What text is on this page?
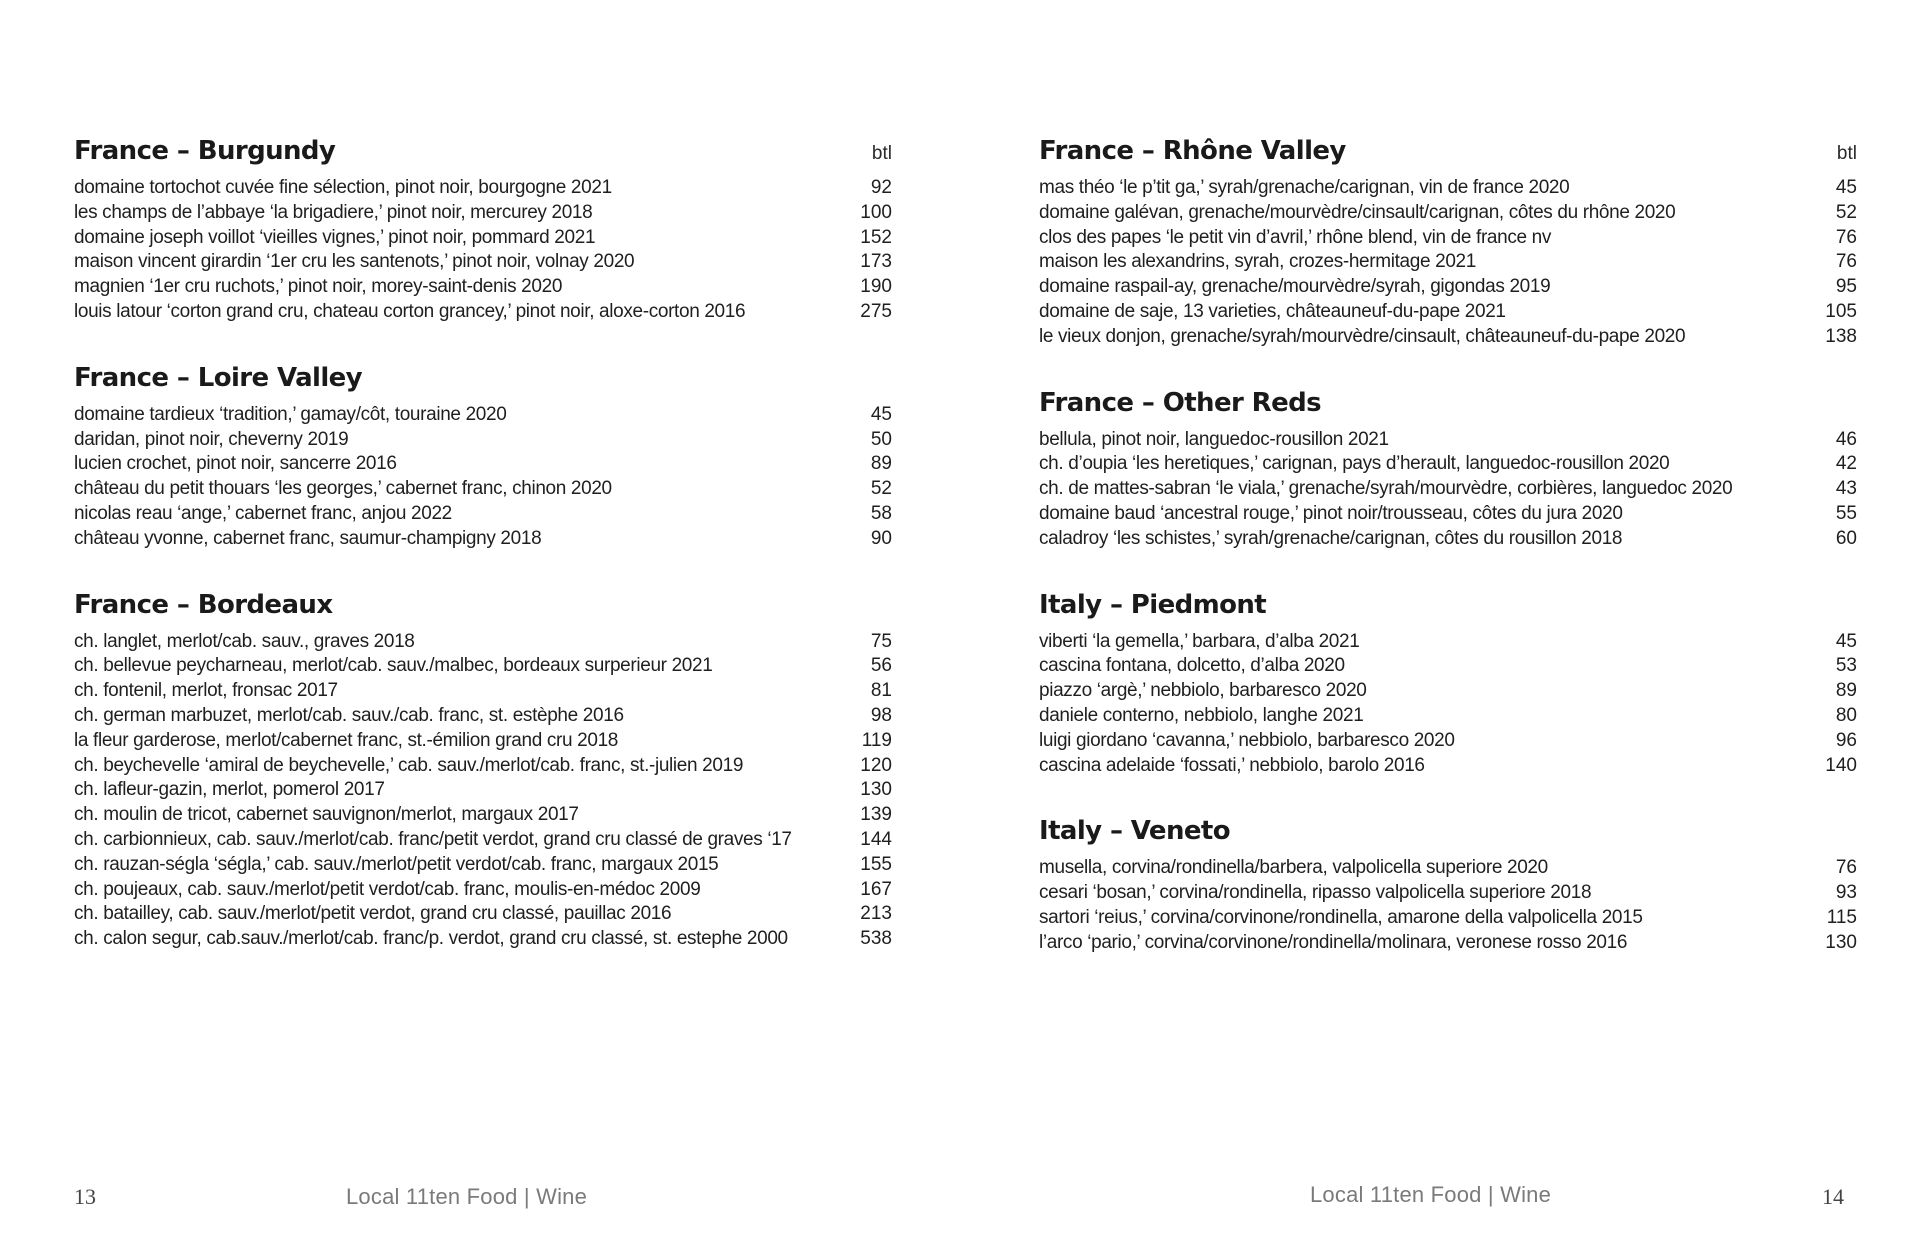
France – Burgundy	btl
domaine tortochot cuvée fine sélection, pinot noir, bourgogne 2021	92
les champs de l’abbaye ‘la brigadiere,’ pinot noir, mercurey 2018	100
domaine joseph voillot ‘vieilles vignes,’ pinot noir, pommard 2021	152
maison vincent girardin ‘1er cru les santenots,’ pinot noir, volnay 2020	173
magnien ‘1er cru ruchots,’ pinot noir, morey-saint-denis 2020	190
louis latour ‘corton grand cru, chateau corton grancey,’ pinot noir, aloxe-corton 2016	275
France – Loire Valley
domaine tardieux ‘tradition,’ gamay/côt, touraine 2020	45
daridan, pinot noir, cheverny 2019	50
lucien crochet, pinot noir, sancerre 2016	89
château du petit thouars ‘les georges,’ cabernet franc, chinon 2020	52
nicolas reau ‘ange,’ cabernet franc, anjou 2022	58
château yvonne, cabernet franc, saumur-champigny 2018	90
France – Bordeaux
ch. langlet, merlot/cab. sauv., graves 2018	75
ch. bellevue peycharneau, merlot/cab. sauv./malbec, bordeaux surperieur 2021	56
ch. fontenil, merlot, fronsac 2017	81
ch. german marbuzet, merlot/cab. sauv./cab. franc, st. estèphe 2016	98
la fleur garderose, merlot/cabernet franc, st.-émilion grand cru 2018	119
ch. beychevelle ‘amiral de beychevelle,’ cab. sauv./merlot/cab. franc, st.-julien 2019	120
ch. lafleur-gazin, merlot, pomerol 2017	130
ch. moulin de tricot, cabernet sauvignon/merlot, margaux 2017	139
ch. carbionnieux, cab. sauv./merlot/cab. franc/petit verdot, grand cru classé de graves ‘17	144
ch. rauzan-ségla ‘ségla,’ cab. sauv./merlot/petit verdot/cab. franc, margaux 2015	155
ch. poujeaux, cab. sauv./merlot/petit verdot/cab. franc, moulis-en-médoc 2009	167
ch. batailley, cab. sauv./merlot/petit verdot, grand cru classé, pauillac 2016	213
ch. calon segur, cab.sauv./merlot/cab. franc/p. verdot, grand cru classé, st. estephe 2000	538
13	Local 11ten Food | Wine
France – Rhône Valley	btl
mas théo ‘le p’tit ga,’ syrah/grenache/carignan, vin de france 2020	45
domaine galévan, grenache/mourvèdre/cinsault/carignan, côtes du rhône 2020	52
clos des papes ‘le petit vin d’avril,’ rhône blend, vin de france nv	76
maison les alexandrins, syrah, crozes-hermitage 2021	76
domaine raspail-ay, grenache/mourvèdre/syrah, gigondas 2019	95
domaine de saje, 13 varieties, châteauneuf-du-pape 2021	105
le vieux donjon, grenache/syrah/mourvèdre/cinsault, châteauneuf-du-pape 2020	138
France – Other Reds
bellula, pinot noir, languedoc-rousillon 2021	46
ch. d’oupia ‘les heretiques,’ carignan, pays d’herault, languedoc-rousillon 2020	42
ch. de mattes-sabran ‘le viala,’ grenache/syrah/mourvèdre, corbières, languedoc 2020	43
domaine baud ‘ancestral rouge,’ pinot noir/trousseau, côtes du jura 2020	55
caladroy ‘les schistes,’ syrah/grenache/carignan, côtes du rousillon 2018	60
Italy – Piedmont
viberti ‘la gemella,’ barbara, d’alba 2021	45
cascina fontana, dolcetto, d’alba 2020	53
piazzo ‘argè,’ nebbiolo, barbaresco 2020	89
daniele conterno, nebbiolo, langhe 2021	80
luigi giordano ‘cavanna,’ nebbiolo, barbaresco 2020	96
cascina adelaide ‘fossati,’ nebbiolo, barolo 2016	140
Italy – Veneto
musella, corvina/rondinella/barbera, valpolicella superiore 2020	76
cesari ‘bosan,’ corvina/rondinella, ripasso valpolicella superiore 2018	93
sartori ‘reius,’ corvina/corvinone/rondinella, amarone della valpolicella 2015	115
l’arco ‘pario,’ corvina/corvinone/rondinella/molinara, veronese rosso 2016	130
14
Local 11ten Food | Wine
